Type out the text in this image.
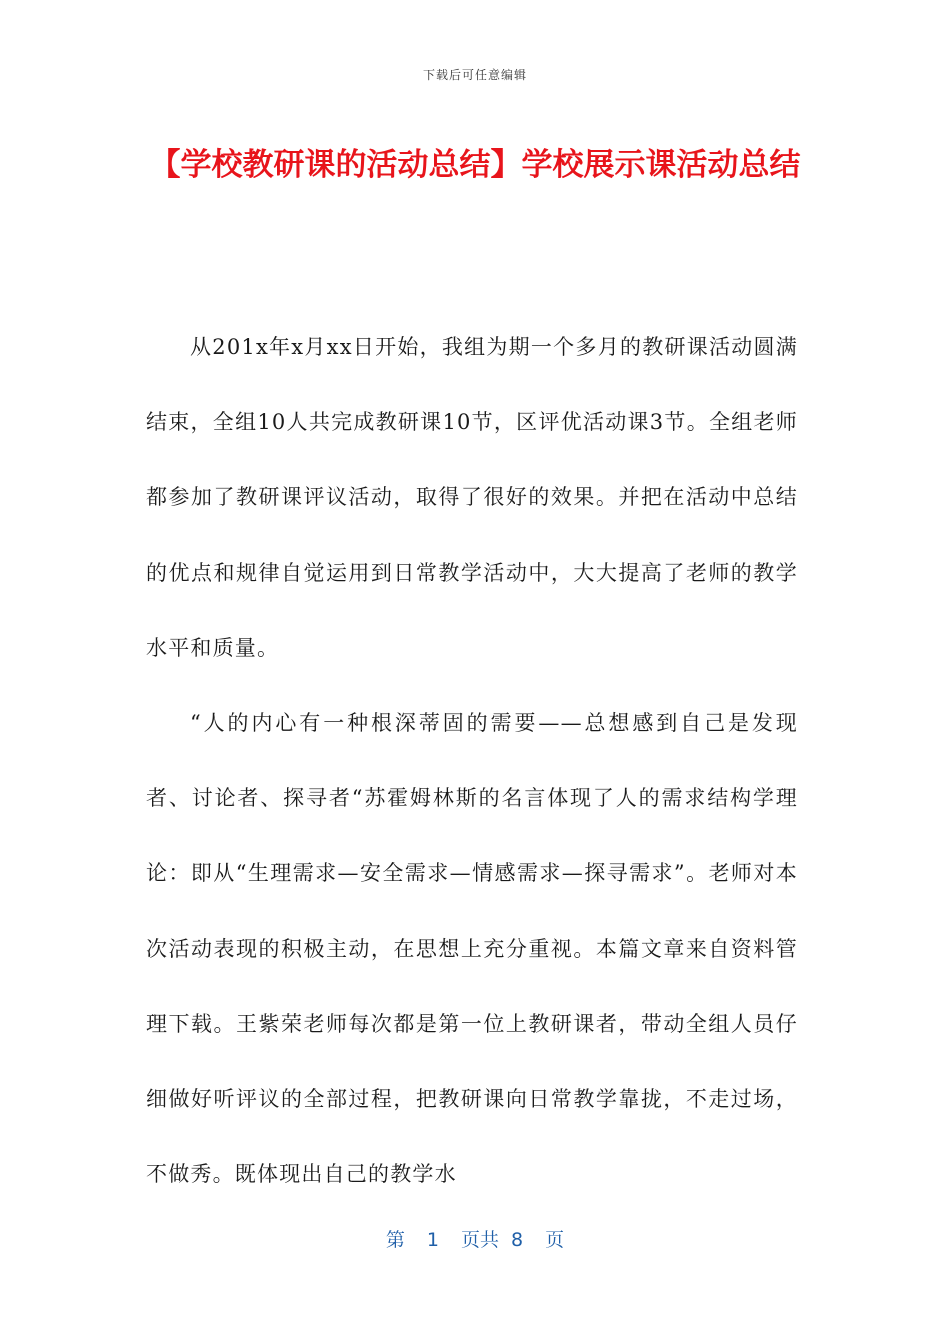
下载后可任意编辑
【学校教研课的活动总结】学校展示课活动总结

从201x年x月xx日开始，我组为期一个多月的教研课活动圆满结束，全组10人共完成教研课10节，区评优活动课3节。全组老师都参加了教研课评议活动，取得了很好的效果。并把在活动中总结的优点和规律自觉运用到日常教学活动中，大大提高了老师的教学水平和质量。

“人的内心有一种根深蒂固的需要——总想感到自己是发现者、讨论者、探寻者“苏霍姆林斯的名言体现了人的需求结构学理论：即从“生理需求—安全需求—情感需求—探寻需求”。老师对本次活动表现的积极主动，在思想上充分重视。本篇文章来自资料管理下载。王紫荣老师每次都是第一位上教研课者，带动全组人员仔细做好听评议的全部过程，把教研课向日常教学靠拢，不走过场，不做秀。既体现出自己的教学水

第 1 页共 8 页
